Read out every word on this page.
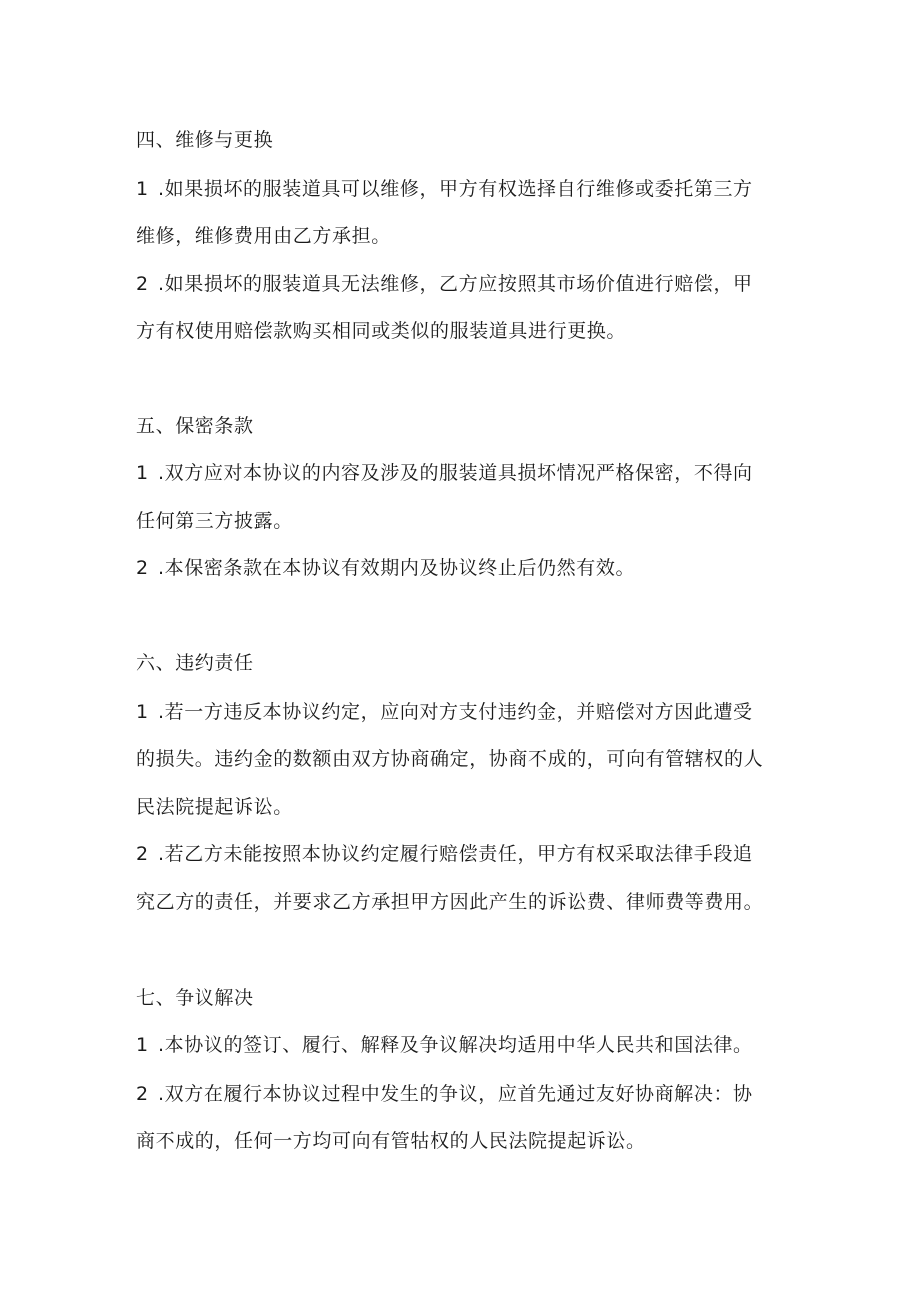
四、维修与更换

1 .如果损坏的服装道具可以维修，甲方有权选择自行维修或委托第三方

维修，维修费用由乙方承担。

2 .如果损坏的服装道具无法维修，乙方应按照其市场价值进行赔偿，甲

方有权使用赔偿款购买相同或类似的服装道具进行更换。

五、保密条款

1 .双方应对本协议的内容及涉及的服装道具损坏情况严格保密，不得向

任何第三方披露。

2 .本保密条款在本协议有效期内及协议终止后仍然有效。

六、违约责任

1 .若一方违反本协议约定，应向对方支付违约金，并赔偿对方因此遭受

的损失。违约金的数额由双方协商确定，协商不成的，可向有管辖权的人

民法院提起诉讼。

2 .若乙方未能按照本协议约定履行赔偿责任，甲方有权采取法律手段追

究乙方的责任，并要求乙方承担甲方因此产生的诉讼费、律师费等费用。

七、争议解决

1 .本协议的签订、履行、解释及争议解决均适用中华人民共和国法律。

2 .双方在履行本协议过程中发生的争议，应首先通过友好协商解决：协

商不成的，任何一方均可向有管牯权的人民法院提起诉讼。
